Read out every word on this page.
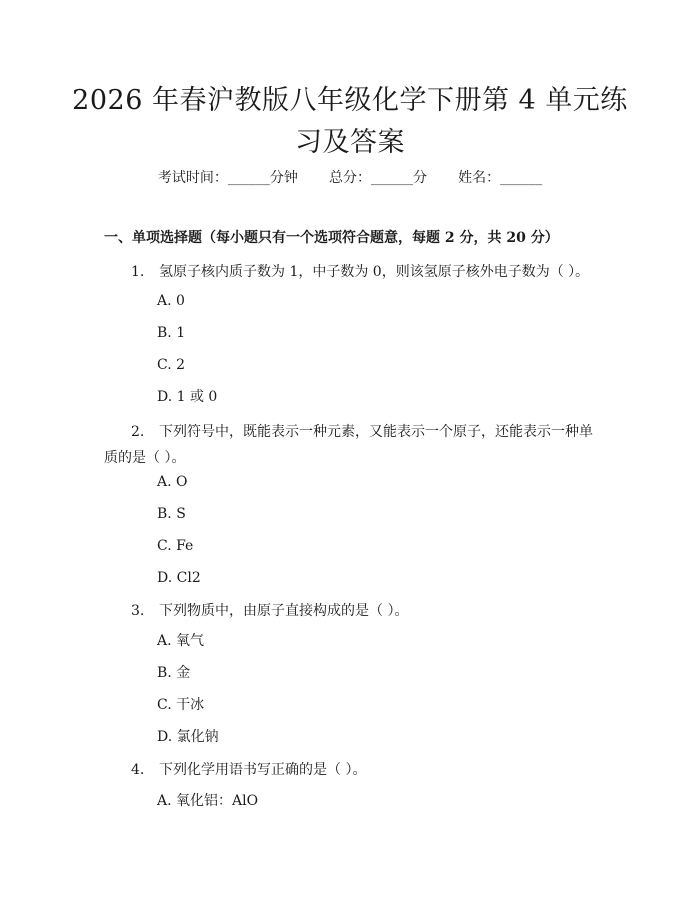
2026 年春沪教版八年级化学下册第 4 单元练习及答案
考试时间：______分钟 总分：______分 姓名：______
一、单项选择题（每小题只有一个选项符合题意，每题 2 分，共 20 分）
1. 氢原子核内质子数为 1，中子数为 0，则该氢原子核外电子数为（ ）。
A. 0
B. 1
C. 2
D. 1 或 0
2. 下列符号中，既能表示一种元素，又能表示一个原子，还能表示一种单质的是（ ）。
A. O
B. S
C. Fe
D. Cl2
3. 下列物质中，由原子直接构成的是（ ）。
A. 氧气
B. 金
C. 干冰
D. 氯化钠
4. 下列化学用语书写正确的是（ ）。
A. 氧化铝：AlO
